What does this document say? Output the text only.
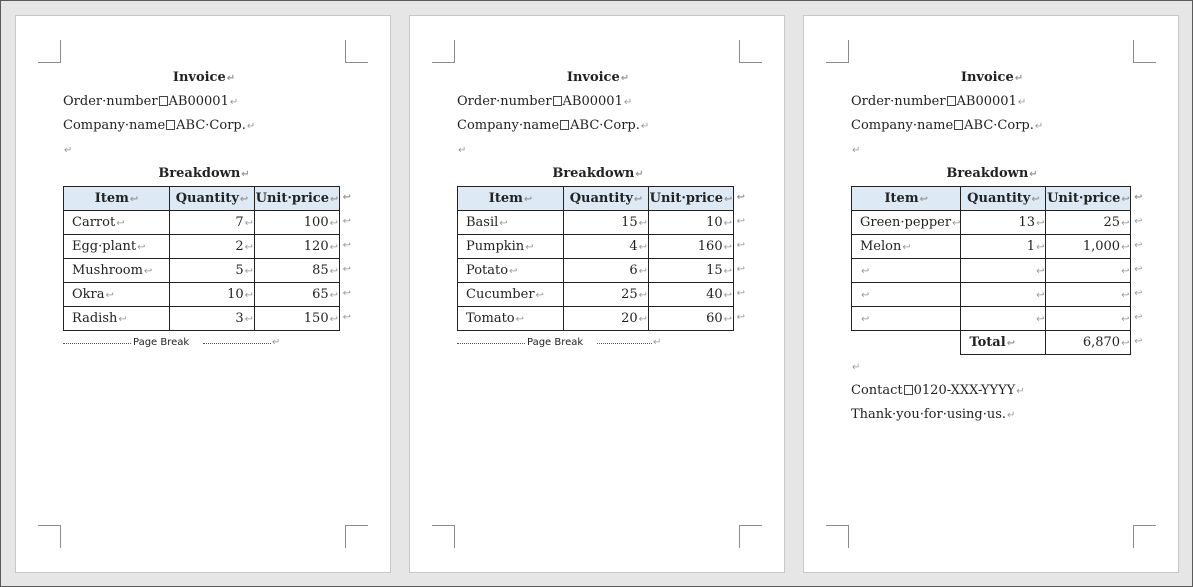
Invoice↵
Order·number AB00001↵
Company·name ABC·Corp.↵
↵
Breakdown↵
Item↩	Quantity↩	Unit·price↩ ↩

Carrot↩	7↩	100↩ ↩

Egg·plant↩	2↩	120↩ ↩

Mushroom↩	5↩	85↩ ↩

Okra↩	10↩	65↩ ↩

Radish↩	3↩	150↩ ↩
Page Break	↵
Invoice↵
Order·number AB00001↵
Company·name ABC·Corp.↵
↵
Breakdown↵
Item↩	Quantity↩	Unit·price↩ ↩

Basil↩	15↩	10↩ ↩

Pumpkin↩	4↩	160↩ ↩

Potato↩	6↩	15↩ ↩

Cucumber↩	25↩	40↩ ↩

Tomato↩	20↩	60↩ ↩
Page Break	↵
Invoice↵
Order·number AB00001↵
Company·name ABC·Corp.↵
↵
Breakdown↵
Item↩	Quantity↩	Unit·price↩ ↩

Green·pepper↩	13↩	25↩ ↩

Melon↩	1↩	1,000↩ ↩

↩	↩	↩ ↩

↩	↩	↩ ↩

↩	↩	↩ ↩

	Total↩	6,870↩ ↩
↵
Contact 0120-XXX-YYYY↵
Thank·you·for·using·us.↵
